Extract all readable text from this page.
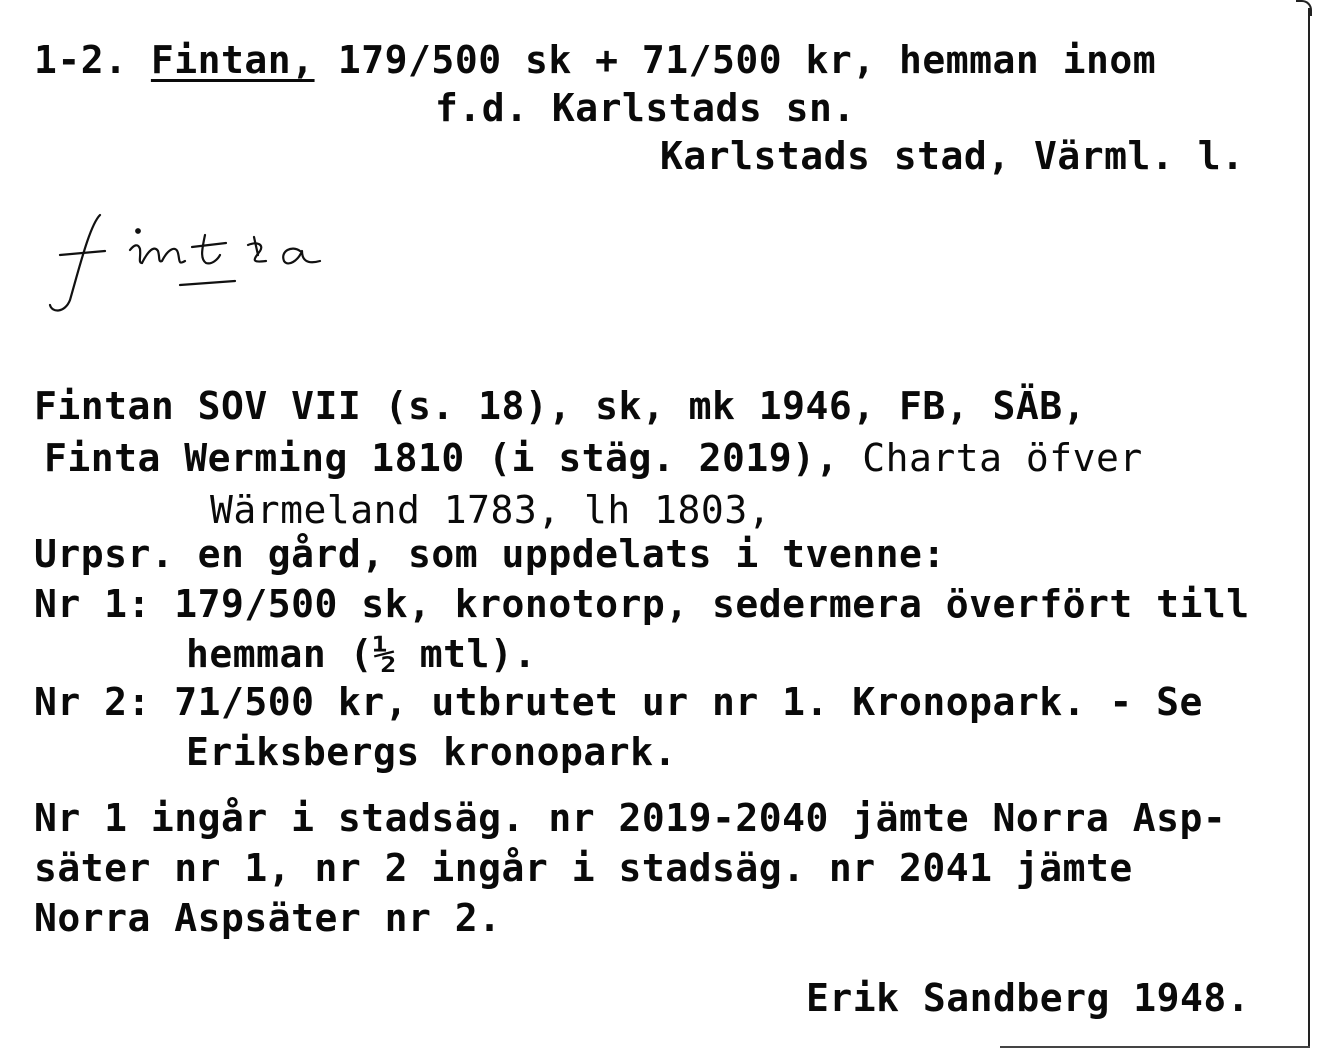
1-2. Fintan, 179/500 sk + 71/500 kr, hemman inom

f.d. Karlstads sn.

Karlstads stad, Värml. l.

Fintan SOV VII (s. 18), sk, mk 1946, FB, SÄB,

Finta Werming 1810 (i stäg. 2019), Charta öfver

Wärmeland 1783, lh 1803,

Urpsr. en gård, som uppdelats i tvenne:

Nr 1: 179/500 sk, kronotorp, sedermera överfört till

hemman (½ mtl).

Nr 2: 71/500 kr, utbrutet ur nr 1. Kronopark. - Se

Eriksbergs kronopark.

Nr 1 ingår i stadsäg. nr 2019-2040 jämte Norra Asp-

säter nr 1, nr 2 ingår i stadsäg. nr 2041 jämte

Norra Aspsäter nr 2.

Erik Sandberg 1948.
